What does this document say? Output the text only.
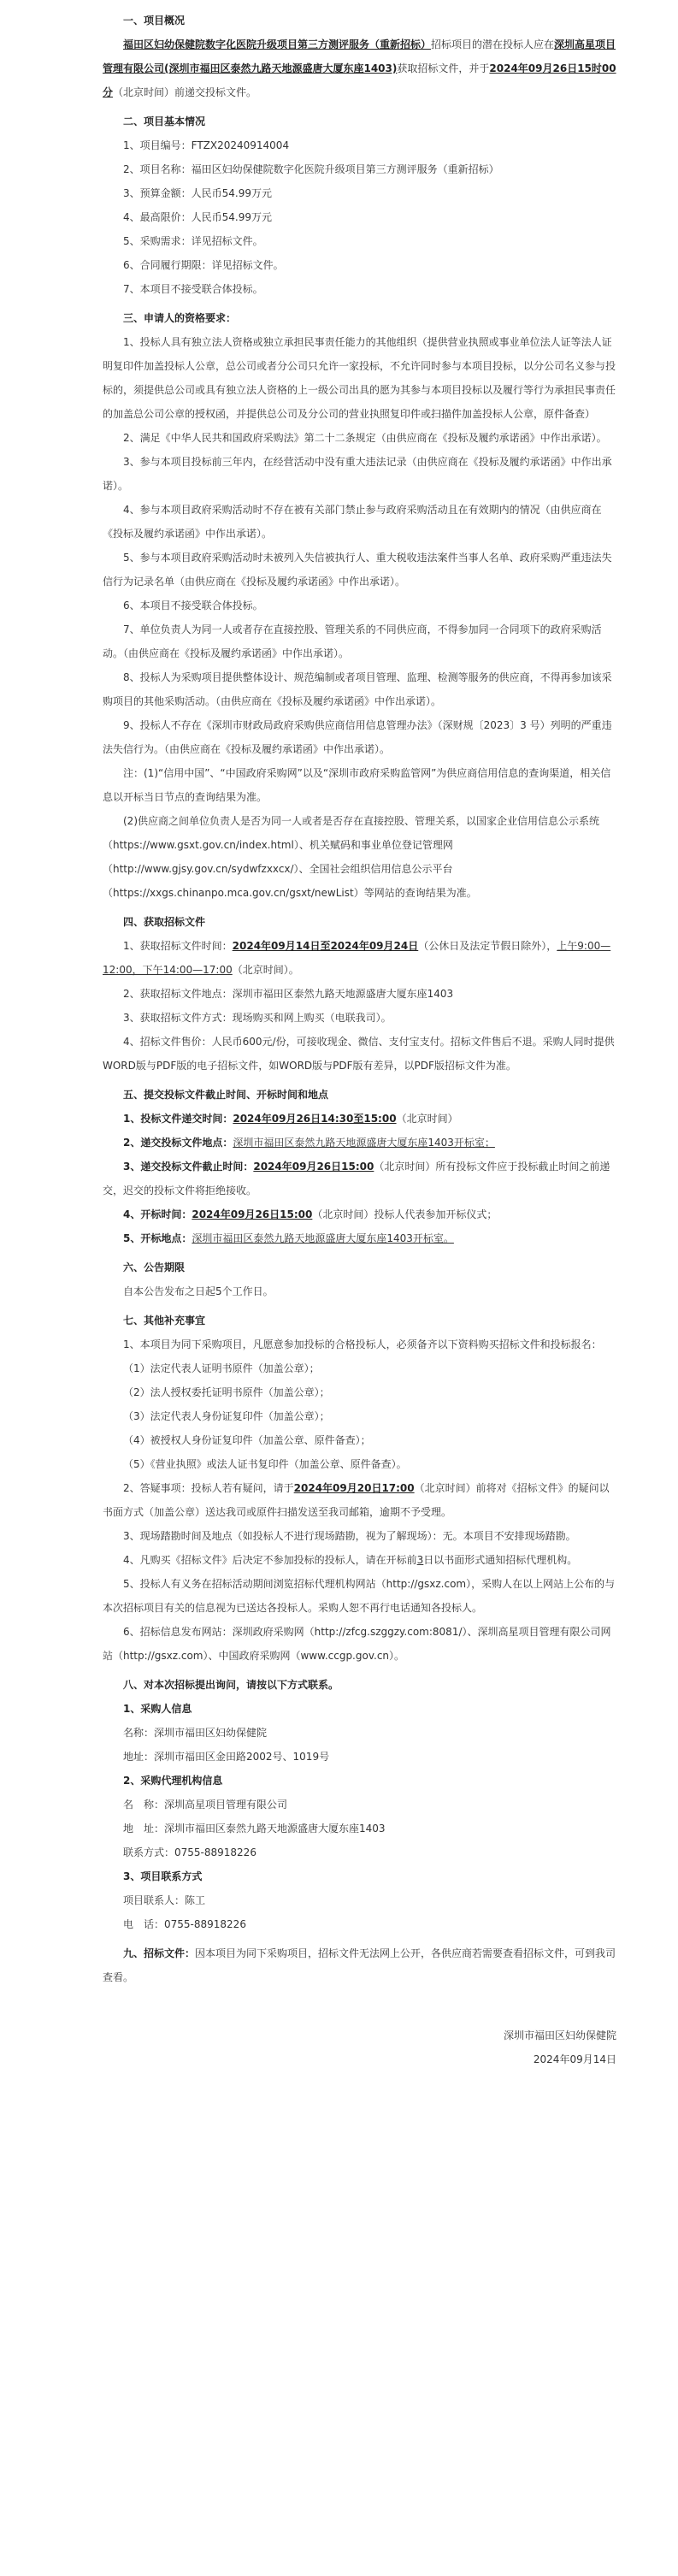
一、项目概况

福田区妇幼保健院数字化医院升级项目第三方测评服务（重新招标）招标项目的潜在投标人应在深圳高星项目管理有限公司(深圳市福田区泰然九路天地源盛唐大厦东座1403)获取招标文件，并于2024年09月26日15时00分（北京时间）前递交投标文件。

二、项目基本情况

1、项目编号：FTZX20240914004

2、项目名称：福田区妇幼保健院数字化医院升级项目第三方测评服务（重新招标）

3、预算金额：人民币54.99万元

4、最高限价：人民币54.99万元

5、采购需求：详见招标文件。

6、合同履行期限：详见招标文件。

7、本项目不接受联合体投标。

三、申请人的资格要求：

1、投标人具有独立法人资格或独立承担民事责任能力的其他组织（提供营业执照或事业单位法人证等法人证明复印件加盖投标人公章，总公司或者分公司只允许一家投标，不允许同时参与本项目投标，以分公司名义参与投标的，须提供总公司或具有独立法人资格的上一级公司出具的愿为其参与本项目投标以及履行等行为承担民事责任的加盖总公司公章的授权函，并提供总公司及分公司的营业执照复印件或扫描件加盖投标人公章，原件备查）

2、满足《中华人民共和国政府采购法》第二十二条规定（由供应商在《投标及履约承诺函》中作出承诺）。

3、参与本项目投标前三年内，在经营活动中没有重大违法记录（由供应商在《投标及履约承诺函》中作出承诺）。

4、参与本项目政府采购活动时不存在被有关部门禁止参与政府采购活动且在有效期内的情况（由供应商在《投标及履约承诺函》中作出承诺）。

5、参与本项目政府采购活动时未被列入失信被执行人、重大税收违法案件当事人名单、政府采购严重违法失信行为记录名单（由供应商在《投标及履约承诺函》中作出承诺）。

6、本项目不接受联合体投标。

7、单位负责人为同一人或者存在直接控股、管理关系的不同供应商，不得参加同一合同项下的政府采购活动。（由供应商在《投标及履约承诺函》中作出承诺）。

8、投标人为采购项目提供整体设计、规范编制或者项目管理、监理、检测等服务的供应商，不得再参加该采购项目的其他采购活动。（由供应商在《投标及履约承诺函》中作出承诺）。

9、投标人不存在《深圳市财政局政府采购供应商信用信息管理办法》（深财规〔2023〕3 号）列明的严重违法失信行为。（由供应商在《投标及履约承诺函》中作出承诺）。

注：(1)“信用中国”、“中国政府采购网”以及“深圳市政府采购监管网”为供应商信用信息的查询渠道，相关信息以开标当日节点的查询结果为准。

(2)供应商之间单位负责人是否为同一人或者是否存在直接控股、管理关系，以国家企业信用信息公示系统（https://www.gsxt.gov.cn/index.html）、机关赋码和事业单位登记管理网（http://www.gjsy.gov.cn/sydwfzxxcx/）、全国社会组织信用信息公示平台（https://xxgs.chinanpo.mca.gov.cn/gsxt/newList）等网站的查询结果为准。

四、获取招标文件

1、获取招标文件时间：2024年09月14日至2024年09月24日（公休日及法定节假日除外），上午9:00—12:00，下午14:00—17:00（北京时间）。

2、获取招标文件地点：深圳市福田区泰然九路天地源盛唐大厦东座1403

3、获取招标文件方式：现场购买和网上购买（电联我司）。

4、招标文件售价：人民币600元/份，可接收现金、微信、支付宝支付。招标文件售后不退。采购人同时提供WORD版与PDF版的电子招标文件，如WORD版与PDF版有差异，以PDF版招标文件为准。

五、提交投标文件截止时间、开标时间和地点

1、投标文件递交时间：2024年09月26日14:30至15:00（北京时间）

2、递交投标文件地点：深圳市福田区泰然九路天地源盛唐大厦东座1403开标室；

3、递交投标文件截止时间：2024年09月26日15:00（北京时间）所有投标文件应于投标截止时间之前递交，迟交的投标文件将拒绝接收。

4、开标时间：2024年09月26日15:00（北京时间）投标人代表参加开标仪式；

5、开标地点：深圳市福田区泰然九路天地源盛唐大厦东座1403开标室。

六、公告期限

自本公告发布之日起5个工作日。

七、其他补充事宜

1、本项目为同下采购项目，凡愿意参加投标的合格投标人，必须备齐以下资料购买招标文件和投标报名：

（1）法定代表人证明书原件（加盖公章）；

（2）法人授权委托证明书原件（加盖公章）；

（3）法定代表人身份证复印件（加盖公章）；

（4）被授权人身份证复印件（加盖公章、原件备查）；

（5）《营业执照》或法人证书复印件（加盖公章、原件备查）。

2、答疑事项：投标人若有疑问，请于2024年09月20日17:00（北京时间）前将对《招标文件》的疑问以书面方式（加盖公章）送达我司或原件扫描发送至我司邮箱，逾期不予受理。

3、现场踏勘时间及地点（如投标人不进行现场踏勘，视为了解现场）：无。本项目不安排现场踏勘。

4、凡购买《招标文件》后决定不参加投标的投标人，请在开标前3日以书面形式通知招标代理机构。

5、投标人有义务在招标活动期间浏览招标代理机构网站（http://gsxz.com），采购人在以上网站上公布的与本次招标项目有关的信息视为已送达各投标人。采购人恕不再行电话通知各投标人。

6、招标信息发布网站：深圳政府采购网（http://zfcg.szggzy.com:8081/）、深圳高星项目管理有限公司网站（http://gsxz.com）、中国政府采购网（www.ccgp.gov.cn）。

八、对本次招标提出询问，请按以下方式联系。

1、采购人信息

名称：深圳市福田区妇幼保健院

地址：深圳市福田区金田路2002号、1019号

2、采购代理机构信息

名　称：深圳高星项目管理有限公司

地　址：深圳市福田区泰然九路天地源盛唐大厦东座1403

联系方式：0755-88918226

3、项目联系方式

项目联系人：陈工

电　话：0755-88918226

九、招标文件：因本项目为同下采购项目，招标文件无法网上公开，各供应商若需要查看招标文件，可到我司查看。

深圳市福田区妇幼保健院

2024年09月14日
